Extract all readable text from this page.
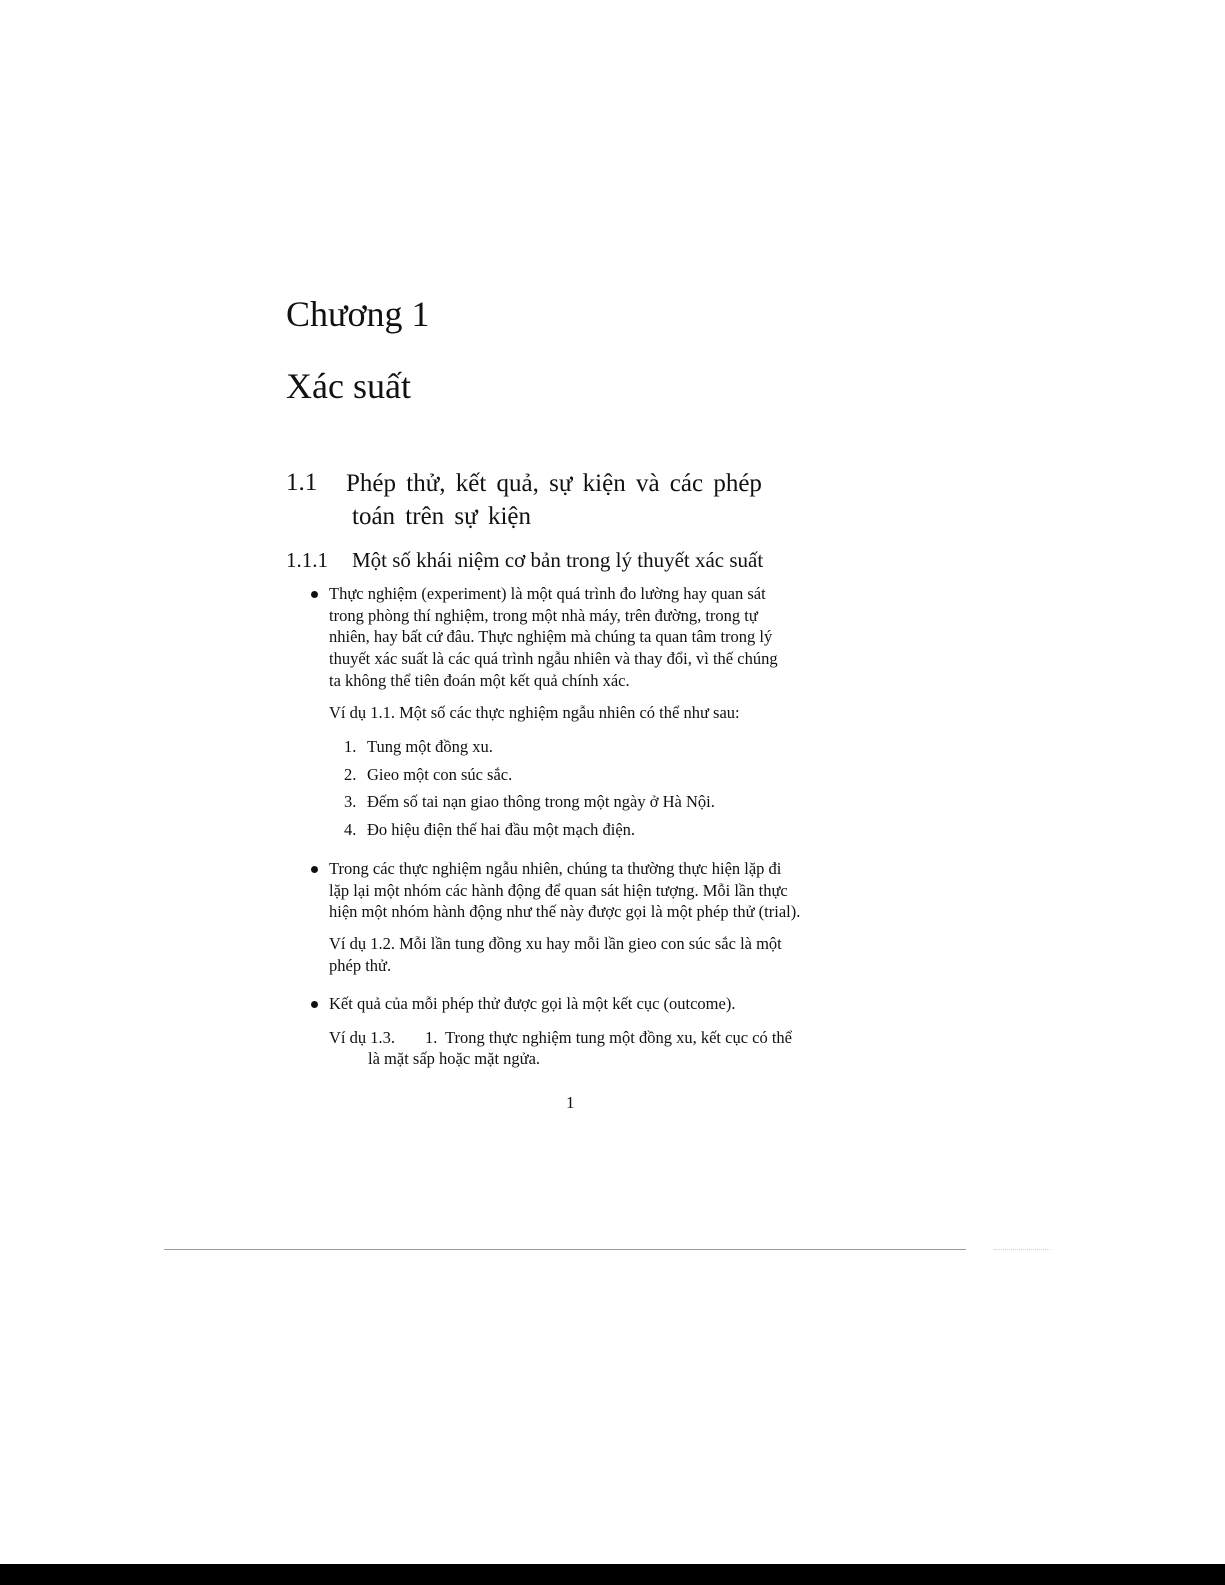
Chương 1
Xác suất
1.1 Phép thử, kết quả, sự kiện và các phép
toán trên sự kiện
1.1.1 Một số khái niệm cơ bản trong lý thuyết xác suất
Thực nghiệm (experiment) là một quá trình đo lường hay quan sát
trong phòng thí nghiệm, trong một nhà máy, trên đường, trong tự
nhiên, hay bất cứ đâu. Thực nghiệm mà chúng ta quan tâm trong lý
thuyết xác suất là các quá trình ngẫu nhiên và thay đổi, vì thế chúng
ta không thể tiên đoán một kết quả chính xác.
Ví dụ 1.1. Một số các thực nghiệm ngẫu nhiên có thể như sau:
1. Tung một đồng xu.
2. Gieo một con súc sắc.
3. Đếm số tai nạn giao thông trong một ngày ở Hà Nội.
4. Đo hiệu điện thế hai đầu một mạch điện.
Trong các thực nghiệm ngẫu nhiên, chúng ta thường thực hiện lặp đi
lặp lại một nhóm các hành động để quan sát hiện tượng. Mỗi lần thực
hiện một nhóm hành động như thế này được gọi là một phép thử (trial).
Ví dụ 1.2. Mỗi lần tung đồng xu hay mỗi lần gieo con súc sắc là một
phép thử.
Kết quả của mỗi phép thử được gọi là một kết cục (outcome).
Ví dụ 1.3. 1. Trong thực nghiệm tung một đồng xu, kết cục có thể
là mặt sấp hoặc mặt ngửa.
1
